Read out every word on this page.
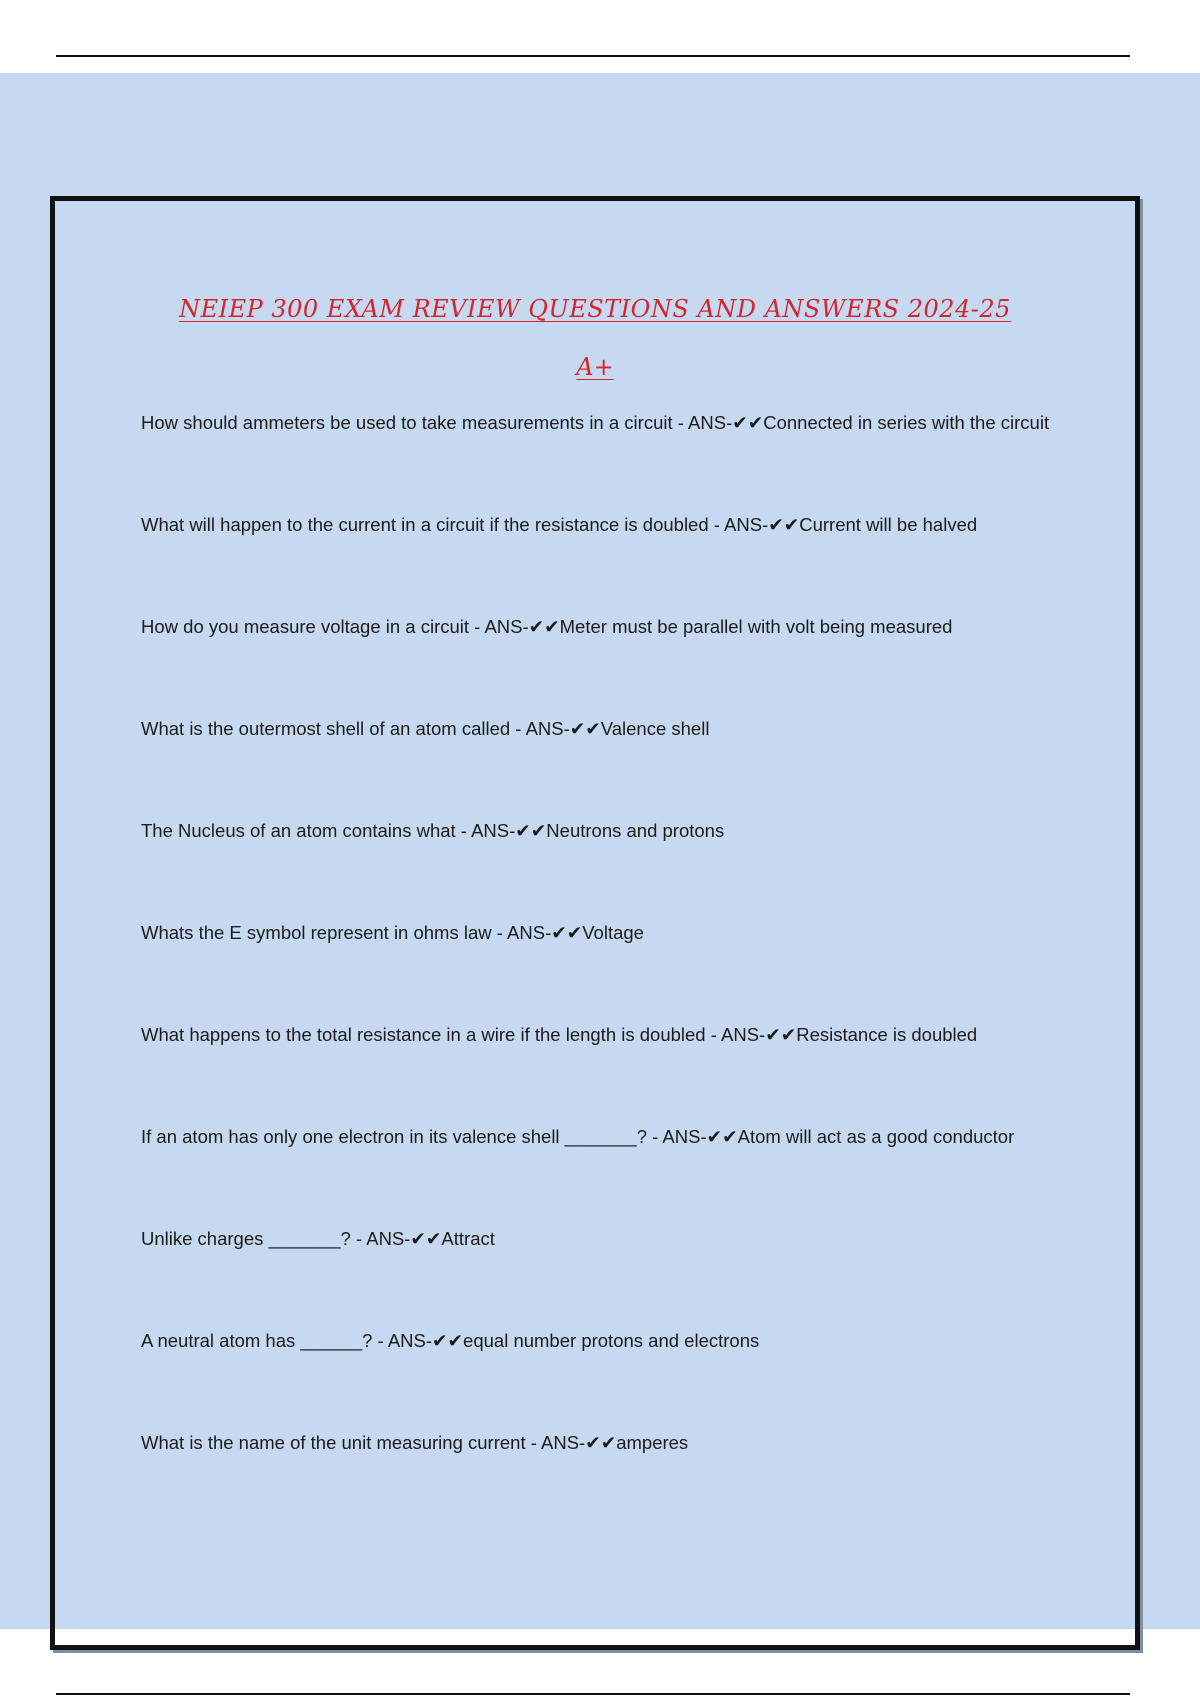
NEIEP 300 EXAM REVIEW QUESTIONS AND ANSWERS 2024-25
A+
How should ammeters be used to take measurements in a circuit - ANS-✔✔Connected in series with the circuit
What will happen to the current in a circuit if the resistance is doubled - ANS-✔✔Current will be halved
How do you measure voltage in a circuit - ANS-✔✔Meter must be parallel with volt being measured
What is the outermost shell of an atom called - ANS-✔✔Valence shell
The Nucleus of an atom contains what - ANS-✔✔Neutrons and protons
Whats the E symbol represent in ohms law - ANS-✔✔Voltage
What happens to the total resistance in a wire if the length is doubled - ANS-✔✔Resistance is doubled
If an atom has only one electron in its valence shell _______? - ANS-✔✔Atom will act as a good conductor
Unlike charges _______? - ANS-✔✔Attract
A neutral atom has ______? - ANS-✔✔equal number protons and electrons
What is the name of the unit measuring current - ANS-✔✔amperes
